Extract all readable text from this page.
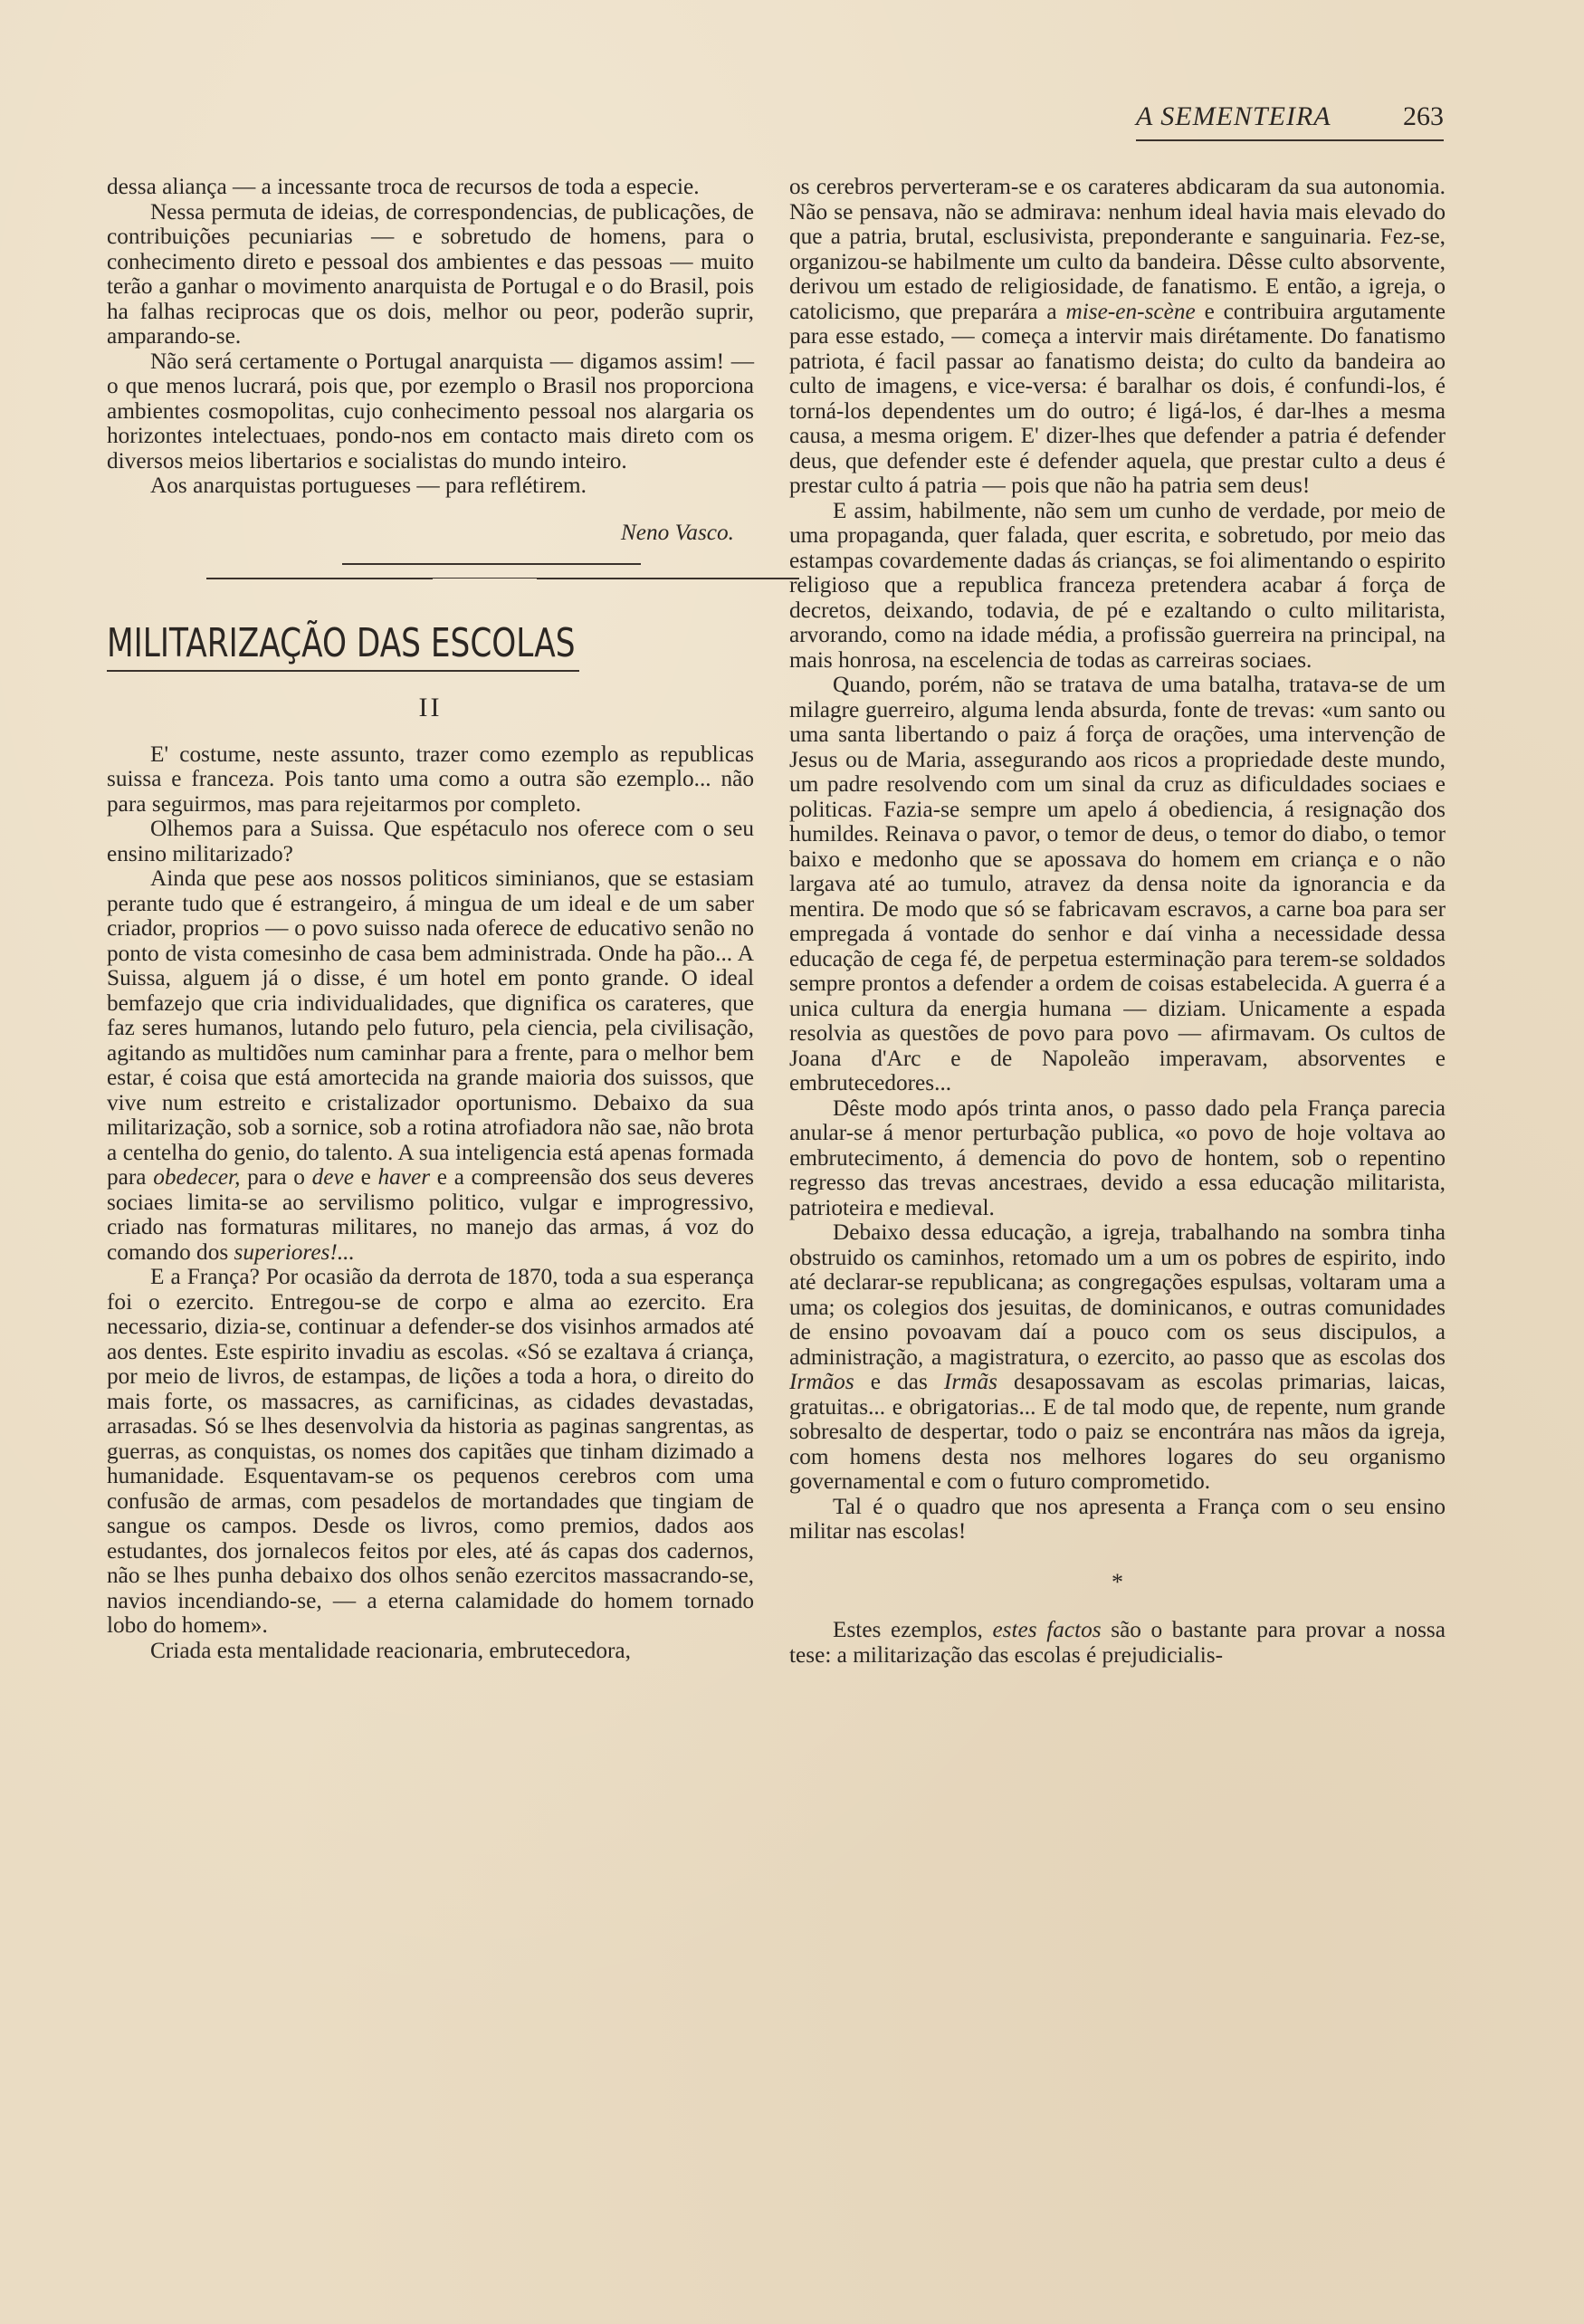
A SEMENTEIRA	263

dessa aliança — a incessante troca de recursos de toda a especie.

Nessa permuta de ideias, de correspondencias, de publicações, de contribuições pecuniarias — e sobretudo de homens, para o conhecimento direto e pessoal dos ambientes e das pessoas — muito terão a ganhar o movimento anarquista de Portugal e o do Brasil, pois ha falhas reciprocas que os dois, melhor ou peor, poderão suprir, amparando-se.

Não será certamente o Portugal anarquista — digamos assim! — o que menos lucrará, pois que, por ezemplo o Brasil nos proporciona ambientes cosmopolitas, cujo conhecimento pessoal nos alargaria os horizontes intelectuaes, pondo-nos em contacto mais direto com os diversos meios libertarios e socialistas do mundo inteiro.

Aos anarquistas portugueses — para reflétirem.

Neno Vasco.
MILITARIZAÇÃO DAS ESCOLAS
II

E' costume, neste assunto, trazer como ezemplo as republicas suissa e franceza. Pois tanto uma como a outra são ezemplo... não para seguirmos, mas para rejeitarmos por completo.

Olhemos para a Suissa. Que espétaculo nos oferece com o seu ensino militarizado?

Ainda que pese aos nossos politicos siminianos, que se estasiam perante tudo que é estrangeiro, á mingua de um ideal e de um saber criador, proprios — o povo suisso nada oferece de educativo senão no ponto de vista comesinho de casa bem administrada. Onde ha pão... A Suissa, alguem já o disse, é um hotel em ponto grande. O ideal bemfazejo que cria individualidades, que dignifica os carateres, que faz seres humanos, lutando pelo futuro, pela ciencia, pela civilisação, agitando as multidões num caminhar para a frente, para o melhor bem estar, é coisa que está amortecida na grande maioria dos suissos, que vive num estreito e cristalizador oportunismo. Debaixo da sua militarização, sob a sornice, sob a rotina atrofiadora não sae, não brota a centelha do genio, do talento. A sua inteligencia está apenas formada para obedecer, para o deve e haver e a compreensão dos seus deveres sociaes limita-se ao servilismo politico, vulgar e improgressivo, criado nas formaturas militares, no manejo das armas, á voz do comando dos superiores!...

E a França? Por ocasião da derrota de 1870, toda a sua esperança foi o ezercito. Entregou-se de corpo e alma ao ezercito. Era necessario, dizia-se, continuar a defender-se dos visinhos armados até aos dentes. Este espirito invadiu as escolas. «Só se ezaltava á criança, por meio de livros, de estampas, de lições a toda a hora, o direito do mais forte, os massacres, as carnificinas, as cidades devastadas, arrasadas. Só se lhes desenvolvia da historia as paginas sangrentas, as guerras, as conquistas, os nomes dos capitães que tinham dizimado a humanidade. Esquentavam-se os pequenos cerebros com uma confusão de armas, com pesadelos de mortandades que tingiam de sangue os campos. Desde os livros, como premios, dados aos estudantes, dos jornalecos feitos por eles, até ás capas dos cadernos, não se lhes punha debaixo dos olhos senão ezercitos massacrando-se, navios incendiando-se, — a eterna calamidade do homem tornado lobo do homem».

Criada esta mentalidade reacionaria, embrutecedora,

os cerebros perverteram-se e os carateres abdicaram da sua autonomia. Não se pensava, não se admirava: nenhum ideal havia mais elevado do que a patria, brutal, esclusivista, preponderante e sanguinaria. Fez-se, organizou-se habilmente um culto da bandeira. Dêsse culto absorvente, derivou um estado de religiosidade, de fanatismo. E então, a igreja, o catolicismo, que preparára a mise-en-scène e contribuira argutamente para esse estado, — começa a intervir mais dirétamente. Do fanatismo patriota, é facil passar ao fanatismo deista; do culto da bandeira ao culto de imagens, e vice-versa: é baralhar os dois, é confundi-los, é torná-los dependentes um do outro; é ligá-los, é dar-lhes a mesma causa, a mesma origem. E' dizer-lhes que defender a patria é defender deus, que defender este é defender aquela, que prestar culto a deus é prestar culto á patria — pois que não ha patria sem deus!

E assim, habilmente, não sem um cunho de verdade, por meio de uma propaganda, quer falada, quer escrita, e sobretudo, por meio das estampas covardemente dadas ás crianças, se foi alimentando o espirito religioso que a republica franceza pretendera acabar á força de decretos, deixando, todavia, de pé e ezaltando o culto militarista, arvorando, como na idade média, a profissão guerreira na principal, na mais honrosa, na escelencia de todas as carreiras sociaes.

Quando, porém, não se tratava de uma batalha, tratava-se de um milagre guerreiro, alguma lenda absurda, fonte de trevas: «um santo ou uma santa libertando o paiz á força de orações, uma intervenção de Jesus ou de Maria, assegurando aos ricos a propriedade deste mundo, um padre resolvendo com um sinal da cruz as dificuldades sociaes e politicas. Fazia-se sempre um apelo á obediencia, á resignação dos humildes. Reinava o pavor, o temor de deus, o temor do diabo, o temor baixo e medonho que se apossava do homem em criança e o não largava até ao tumulo, atravez da densa noite da ignorancia e da mentira. De modo que só se fabricavam escravos, a carne boa para ser empregada á vontade do senhor e daí vinha a necessidade dessa educação de cega fé, de perpetua esterminação para terem-se soldados sempre prontos a defender a ordem de coisas estabelecida. A guerra é a unica cultura da energia humana — diziam. Unicamente a espada resolvia as questões de povo para povo — afirmavam. Os cultos de Joana d'Arc e de Napoleão imperavam, absorventes e embrutecedores...

Dêste modo após trinta anos, o passo dado pela França parecia anular-se á menor perturbação publica, «o povo de hoje voltava ao embrutecimento, á demencia do povo de hontem, sob o repentino regresso das trevas ancestraes, devido a essa educação militarista, patrioteira e medieval.

Debaixo dessa educação, a igreja, trabalhando na sombra tinha obstruido os caminhos, retomado um a um os pobres de espirito, indo até declarar-se republicana; as congregações espulsas, voltaram uma a uma; os colegios dos jesuitas, de dominicanos, e outras comunidades de ensino povoavam daí a pouco com os seus discipulos, a administração, a magistratura, o ezercito, ao passo que as escolas dos Irmãos e das Irmãs desapossavam as escolas primarias, laicas, gratuitas... e obrigatorias... E de tal modo que, de repente, num grande sobresalto de despertar, todo o paiz se encontrára nas mãos da igreja, com homens desta nos melhores logares do seu organismo governamental e com o futuro comprometido.

Tal é o quadro que nos apresenta a França com o seu ensino militar nas escolas!

*

Estes ezemplos, estes factos são o bastante para provar a nossa tese: a militarização das escolas é prejudicialis-
